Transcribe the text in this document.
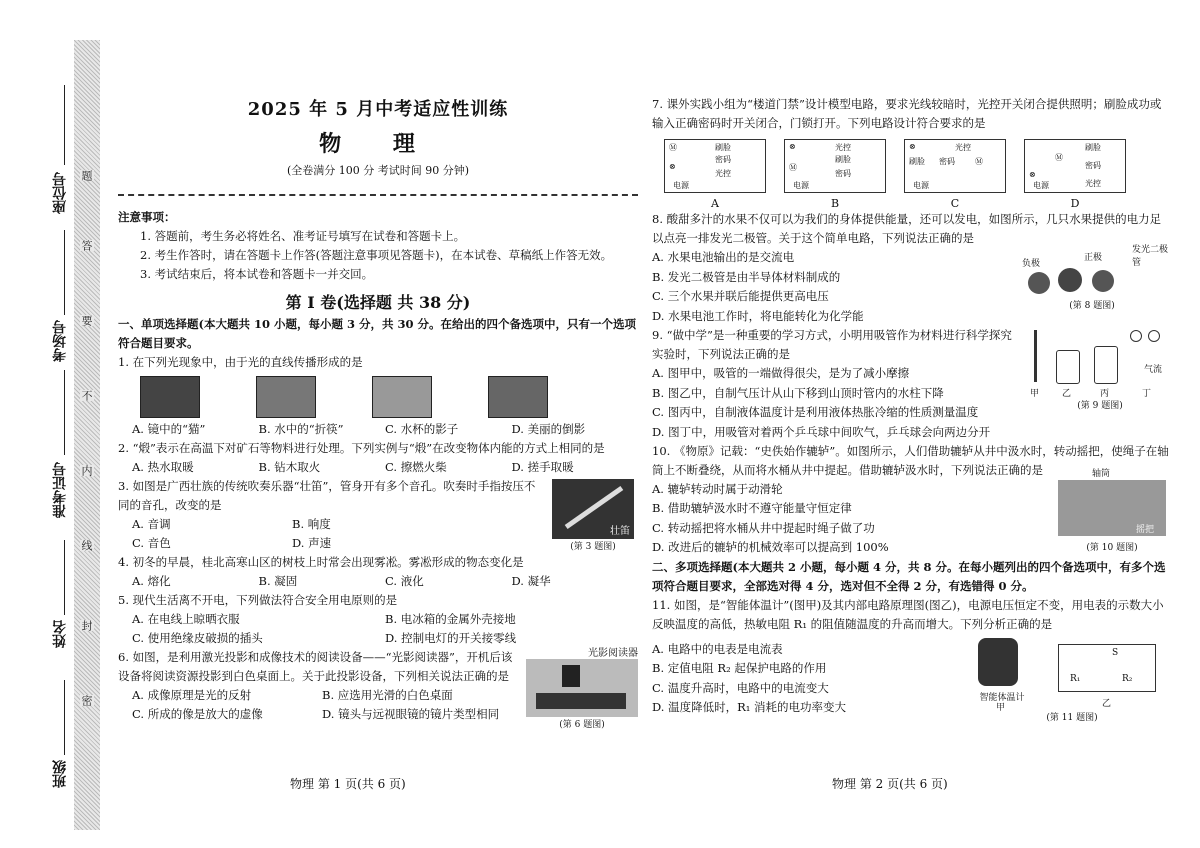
题
答
要
不
内
线
封
密
座位号
考场号
准考证号
姓名
班级
2025 年 5 月中考适应性训练
物 理
(全卷满分 100 分 考试时间 90 分钟)
注意事项：
1. 答题前，考生务必将姓名、准考证号填写在试卷和答题卡上。
2. 考生作答时，请在答题卡上作答(答题注意事项见答题卡)，在本试卷、草稿纸上作答无效。
3. 考试结束后，将本试卷和答题卡一并交回。
第 Ⅰ 卷(选择题 共 38 分)
一、单项选择题(本大题共 10 小题，每小题 3 分，共 30 分。在给出的四个备选项中，只有一个选项符合题目要求。

1. 在下列光现象中，由于光的直线传播形成的是

A. 镜中的“猫”	B. 水中的“折筷”	C. 水杯的影子	D. 美丽的倒影

2. “煅”表示在高温下对矿石等物料进行处理。下列实例与“煅”在改变物体内能的方式上相同的是

A. 热水取暖	B. 钻木取火	C. 擦燃火柴	D. 搓手取暖

3. 如图是广西壮族的传统吹奏乐器“壮笛”，管身开有多个音孔。吹奏时手指按压不同的音孔，改变的是

A. 音调	B. 响度
C. 音色	D. 声速
壮笛
(第 3 题图)

4. 初冬的早晨，桂北高寒山区的树枝上时常会出现雾凇。雾凇形成的物态变化是

A. 熔化	B. 凝固	C. 液化	D. 凝华

5. 现代生活离不开电，下列做法符合安全用电原则的是

A. 在电线上晾晒衣服	B. 电冰箱的金属外壳接地
C. 使用绝缘皮破损的插头	D. 控制电灯的开关接零线

6. 如图，是利用激光投影和成像技术的阅读设备——“光影阅读器”，开机后该设备将阅读资源投影到白色桌面上。关于此投影设备，下列相关说法正确的是

A. 成像原理是光的反射	B. 应选用光滑的白色桌面
C. 所成的像是放大的虚像	D. 镜头与远视眼镜的镜片类型相同
光影阅读器
(第 6 题图)
物理 第 1 页(共 6 页)

7. 课外实践小组为“楼道门禁”设计模型电路，要求光线较暗时，光控开关闭合提供照明；刷脸成功或输入正确密码时开关闭合，门锁打开。下列电路设计符合要求的是

Ⓜ	刷脸
⊗
密码
光控
电源
A
⊗	光控
Ⓜ
刷脸
密码
电源
B
⊗	光控
刷脸 密码	Ⓜ
电源
C
刷脸
Ⓜ
密码
⊗
光控
电源
D

8. 酸甜多汁的水果不仅可以为我们的身体提供能量，还可以发电，如图所示，几只水果提供的电力足以点亮一排发光二极管。关于这个简单电路，下列说法正确的是

A. 水果电池输出的是交流电
B. 发光二极管是由半导体材料制成的
C. 三个水果并联后能提供更高电压
D. 水果电池工作时，将电能转化为化学能
负极
正极
发光二极管
(第 8 题图)

9. “做中学”是一种重要的学习方式，小明用吸管作为材料进行科学探究实验时，下列说法正确的是

A. 图甲中，吸管的一端做得很尖，是为了减小摩擦
B. 图乙中，自制气压计从山下移到山顶时管内的水柱下降
C. 图丙中，自制液体温度计是利用液体热胀冷缩的性质测量温度
甲	乙	丙	丁
气流
(第 9 题图)
D. 图丁中，用吸管对着两个乒乓球中间吹气，乒乓球会向两边分开

10. 《物原》记载：“史佚始作辘轳”。如图所示，人们借助辘轳从井中汲水时，转动摇把，使绳子在轴筒上不断叠绕，从而将水桶从井中提起。借助辘轳汲水时，下列说法正确的是

A. 辘轳转动时属于动滑轮
B. 借助辘轳汲水时不遵守能量守恒定律
C. 转动摇把将水桶从井中提起时绳子做了功
D. 改进后的辘轳的机械效率可以提高到 100%
轴筒
摇把
(第 10 题图)
二、多项选择题(本大题共 2 小题，每小题 4 分，共 8 分。在每小题列出的四个备选项中，有多个选项符合题目要求，全部选对得 4 分，选对但不全得 2 分，有选错得 0 分。

11. 如图，是“智能体温计”(图甲)及其内部电路原理图(图乙)，电源电压恒定不变，用电表的示数大小反映温度的高低，热敏电阻 R₁ 的阻值随温度的升高而增大。下列分析正确的是

A. 电路中的电表是电流表
B. 定值电阻 R₂ 起保护电路的作用
C. 温度升高时，电路中的电流变大
D. 温度降低时，R₁ 消耗的电功率变大
智能体温计
甲
S
R₁	R₂
乙
(第 11 题图)
物理 第 2 页(共 6 页)
